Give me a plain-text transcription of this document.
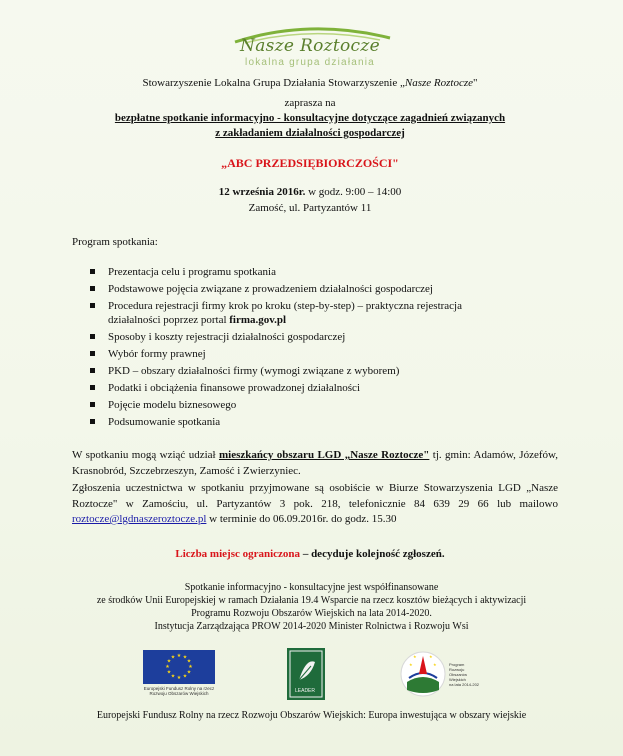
Nasze Roztocze
lokalna grupa działania
Stowarzyszenie Lokalna Grupa Działania Stowarzyszenie „Nasze Roztocze"
zaprasza na
bezpłatne spotkanie informacyjno - konsultacyjne dotyczące zagadnień związanych
z zakładaniem działalności gospodarczej
„ABC PRZEDSIĘBIORCZOŚCI"
12 września 2016r. w godz. 9:00 – 14:00
Zamość, ul. Partyzantów 11
Program spotkania:
Prezentacja celu i programu spotkania
Podstawowe pojęcia związane z prowadzeniem działalności gospodarczej
Procedura rejestracji firmy krok po kroku (step-by-step) – praktyczna rejestracja
działalności poprzez portal firma.gov.pl
Sposoby i koszty rejestracji działalności gospodarczej
Wybór formy prawnej
PKD – obszary działalności firmy (wymogi związane z wyborem)
Podatki i obciążenia finansowe prowadzonej działalności
Pojęcie modelu biznesowego
Podsumowanie spotkania
W spotkaniu mogą wziąć udział mieszkańcy obszaru LGD „Nasze Roztocze" tj. gmin: Adamów, Józefów, Krasnobród, Szczebrzeszyn, Zamość i Zwierzyniec.
Zgłoszenia uczestnictwa w spotkaniu przyjmowane są osobiście w Biurze Stowarzyszenia LGD „Nasze Roztocze" w Zamościu, ul. Partyzantów 3 pok. 218, telefonicznie 84 639 29 66 lub mailowo roztocze@lgdnaszeroztocze.pl w terminie do 06.09.2016r. do godz. 15.30
Liczba miejsc ograniczona – decyduje kolejność zgłoszeń.
Spotkanie informacyjno - konsultacyjne jest współfinansowane
ze środków Unii Europejskiej w ramach Działania 19.4 Wsparcie na rzecz kosztów bieżących i aktywizacji
Programu Rozwoju Obszarów Wiejskich na lata 2014-2020.
Instytucja Zarządzająca PROW 2014-2020 Minister Rolnictwa i Rozwoju Wsi
★ ★
★
★
★
★
★
★
★
★
★
★
Europejski Fundusz Rolny na rzecz
Rozwoju Obszarów Wiejskich	LEADER
★	★
★	★	Program
Rozwoju
Obszarów
Wiejskich
na lata 2014-2020
Europejski Fundusz Rolny na rzecz Rozwoju Obszarów Wiejskich: Europa inwestująca w obszary wiejskie
